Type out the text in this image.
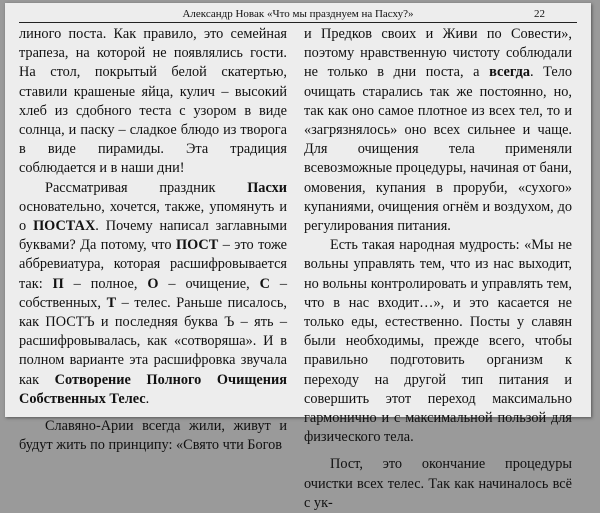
Александр Новак «Что мы празднуем на Пасху?»	22

линого поста. Как правило, это семейная трапеза, на которой не появлялись гости. На стол, покрытый белой скатертью, ставили крашеные яйца, кулич – высокий хлеб из сдобного теста с узором в виде солнца, и паску – сладкое блюдо из творога в виде пирамиды. Эта традиция соблюдается и в наши дни!

Рассматривая праздник Пасхи основательно, хочется, также, упомянуть и о ПОСТАХ. Почему написал заглавными буквами? Да потому, что ПОСТ – это тоже аббревиатура, которая расшифровывается так: П – полное, О – очищение, С – собственных, Т – телес. Раньше писалось, как ПОСТЪ и последняя буква Ъ – ять – расшифровывалась, как «сотворяша». И в полном варианте эта расшифровка звучала как Сотворение Полного Очищения Собственных Телес.

Славяно-Арии всегда жили, живут и будут жить по принципу: «Свято чти Богов

и Предков своих и Живи по Совести», поэтому нравственную чистоту соблюдали не только в дни поста, а всегда. Тело очищать старались так же постоянно, но, так как оно самое плотное из всех тел, то и «загрязнялось» оно всех сильнее и чаще. Для очищения тела применяли всевозможные процедуры, начиная от бани, омовения, купания в проруби, «сухого» купаниями, очищения огнём и воздухом, до регулирования питания.

Есть такая народная мудрость: «Мы не вольны управлять тем, что из нас выходит, но вольны контролировать и управлять тем, что в нас входит…», и это касается не только еды, естественно. Посты у славян были необходимы, прежде всего, чтобы правильно подготовить организм к переходу на другой тип питания и совершить этот переход максимально гармонично и с максимальной пользой для физического тела.

Пост, это окончание процедуры очистки всех телес. Так как начиналось всё с ук-
